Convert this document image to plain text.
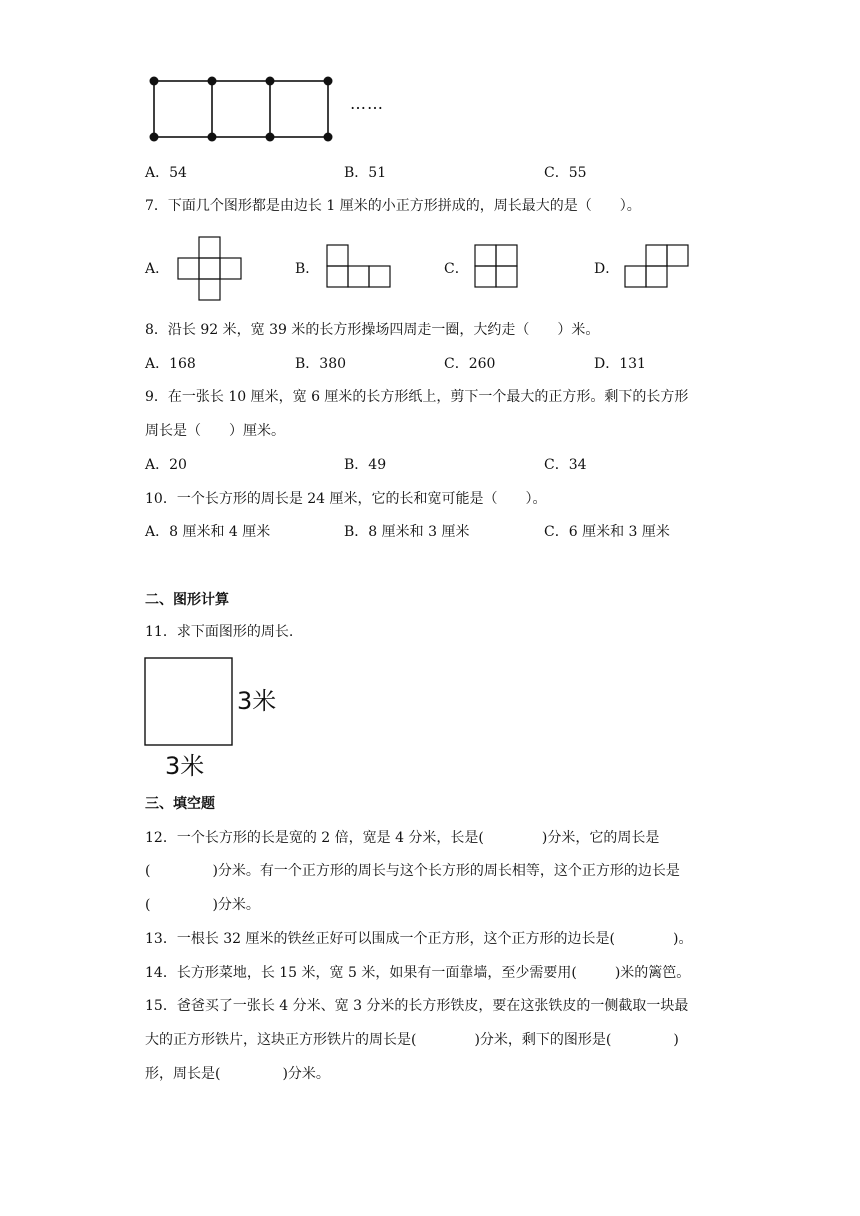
……
A．54	B．51	C．55
7．下面几个图形都是由边长 1 厘米的小正方形拼成的，周长最大的是（　　）。
A．	B．	C．	D．
8．沿长 92 米，宽 39 米的长方形操场四周走一圈，大约走（　　）米。
A．168	B．380	C．260	D．131
9．在一张长 10 厘米，宽 6 厘米的长方形纸上，剪下一个最大的正方形。剩下的长方形
周长是（　　）厘米。
A．20	B．49	C．34
10．一个长方形的周长是 24 厘米，它的长和宽可能是（　　）。
A．8 厘米和 4 厘米	B．8 厘米和 3 厘米	C．6 厘米和 3 厘米
二、图形计算
11．求下面图形的周长.
3米
3米
三、填空题
12．一个长方形的长是宽的 2 倍，宽是 4 分米，长是(	)分米，它的周长是
(	)分米。有一个正方形的周长与这个长方形的周长相等，这个正方形的边长是
(	)分米。
13．一根长 32 厘米的铁丝正好可以围成一个正方形，这个正方形的边长是(	)。
14．长方形菜地，长 15 米，宽 5 米，如果有一面靠墙，至少需要用(	)米的篱笆。
15．爸爸买了一张长 4 分米、宽 3 分米的长方形铁皮，要在这张铁皮的一侧截取一块最
大的正方形铁片，这块正方形铁片的周长是(	)分米，剩下的图形是(	)
形，周长是(	)分米。
